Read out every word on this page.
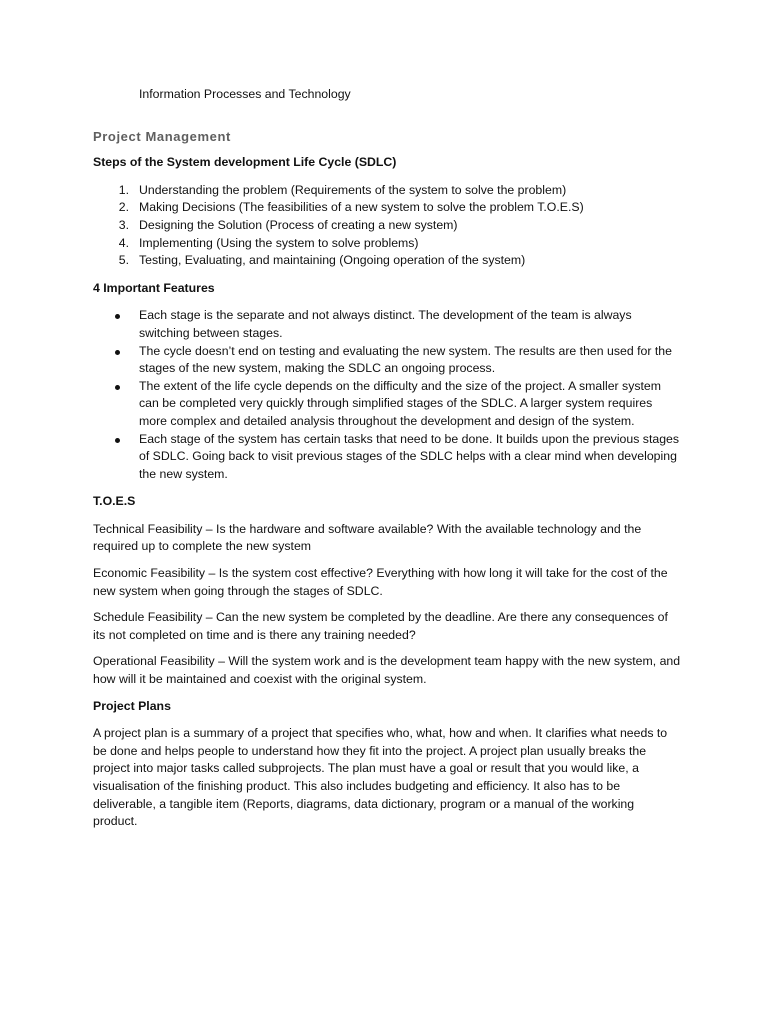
Information Processes and Technology
Project Management
Steps of the System development Life Cycle (SDLC)
1. Understanding the problem (Requirements of the system to solve the problem)
2. Making Decisions (The feasibilities of a new system to solve the problem T.O.E.S)
3. Designing the Solution (Process of creating a new system)
4. Implementing (Using the system to solve problems)
5. Testing, Evaluating, and maintaining (Ongoing operation of the system)
4 Important Features
Each stage is the separate and not always distinct. The development of the team is always switching between stages.
The cycle doesn’t end on testing and evaluating the new system. The results are then used for the stages of the new system, making the SDLC an ongoing process.
The extent of the life cycle depends on the difficulty and the size of the project. A smaller system can be completed very quickly through simplified stages of the SDLC. A larger system requires more complex and detailed analysis throughout the development and design of the system.
Each stage of the system has certain tasks that need to be done. It builds upon the previous stages of SDLC. Going back to visit previous stages of the SDLC helps with a clear mind when developing the new system.
T.O.E.S

Technical Feasibility – Is the hardware and software available? With the available technology and the required up to complete the new system

Economic Feasibility – Is the system cost effective? Everything with how long it will take for the cost of the new system when going through the stages of SDLC.

Schedule Feasibility – Can the new system be completed by the deadline. Are there any consequences of its not completed on time and is there any training needed?

Operational Feasibility – Will the system work and is the development team happy with the new system, and how will it be maintained and coexist with the original system.

Project Plans

A project plan is a summary of a project that specifies who, what, how and when. It clarifies what needs to be done and helps people to understand how they fit into the project. A project plan usually breaks the project into major tasks called subprojects. The plan must have a goal or result that you would like, a visualisation of the finishing product. This also includes budgeting and efficiency. It also has to be deliverable, a tangible item (Reports, diagrams, data dictionary, program or a manual of the working product.
